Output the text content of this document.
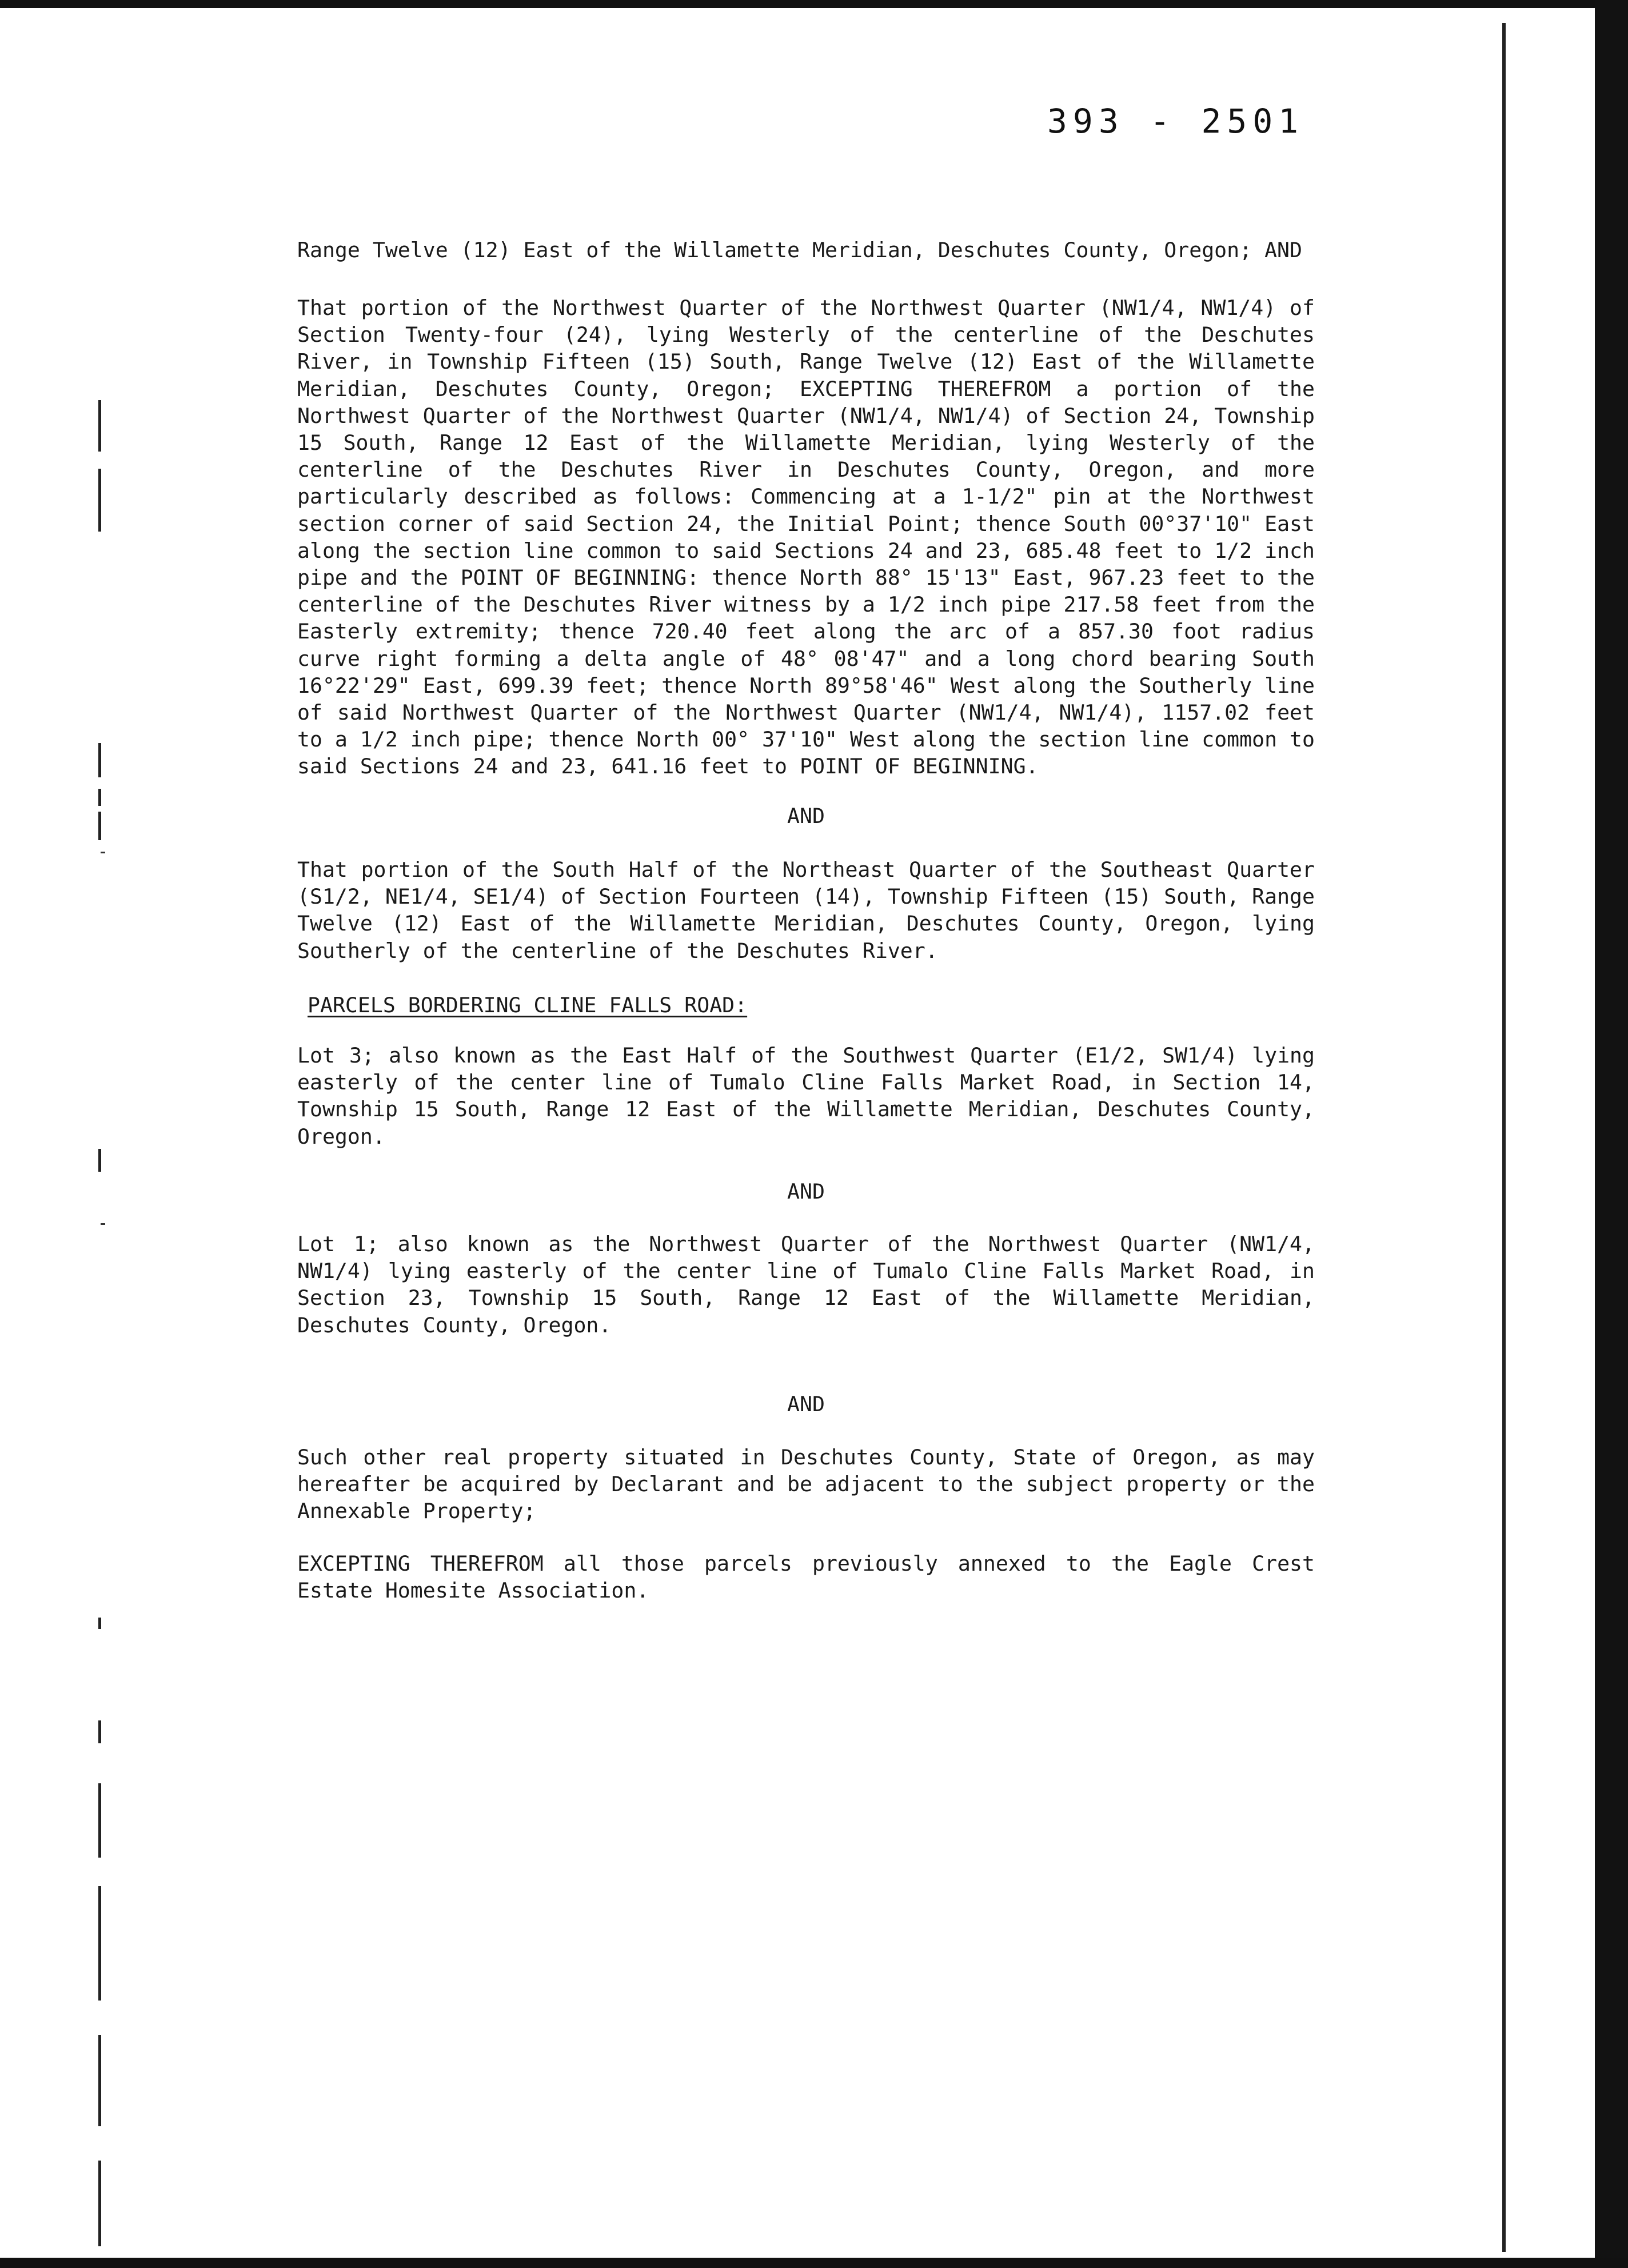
393 - 2501

Range Twelve (12) East of the Willamette Meridian, Deschutes County, Oregon; AND

That portion of the Northwest Quarter of the Northwest Quarter (NW1/4, NW1/4) of Section Twenty-four (24), lying Westerly of the centerline of the Deschutes River, in Township Fifteen (15) South, Range Twelve (12) East of the Willamette Meridian, Deschutes County, Oregon; EXCEPTING THEREFROM a portion of the Northwest Quarter of the Northwest Quarter (NW1/4, NW1/4) of Section 24, Township 15 South, Range 12 East of the Willamette Meridian, lying Westerly of the centerline of the Deschutes River in Deschutes County, Oregon, and more particularly described as follows: Commencing at a 1-1/2" pin at the Northwest section corner of said Section 24, the Initial Point; thence South 00°37'10" East along the section line common to said Sections 24 and 23, 685.48 feet to 1/2 inch pipe and the POINT OF BEGINNING: thence North 88° 15'13" East, 967.23 feet to the centerline of the Deschutes River witness by a 1/2 inch pipe 217.58 feet from the Easterly extremity; thence 720.40 feet along the arc of a 857.30 foot radius curve right forming a delta angle of 48° 08'47" and a long chord bearing South 16°22'29" East, 699.39 feet; thence North 89°58'46" West along the Southerly line of said Northwest Quarter of the Northwest Quarter (NW1/4, NW1/4), 1157.02 feet to a 1/2 inch pipe; thence North 00° 37'10" West along the section line common to said Sections 24 and 23, 641.16 feet to POINT OF BEGINNING.

AND

That portion of the South Half of the Northeast Quarter of the Southeast Quarter (S1/2, NE1/4, SE1/4) of Section Fourteen (14), Township Fifteen (15) South, Range Twelve (12) East of the Willamette Meridian, Deschutes County, Oregon, lying Southerly of the centerline of the Deschutes River.

PARCELS BORDERING CLINE FALLS ROAD:

Lot 3; also known as the East Half of the Southwest Quarter (E1/2, SW1/4) lying easterly of the center line of Tumalo Cline Falls Market Road, in Section 14, Township 15 South, Range 12 East of the Willamette Meridian, Deschutes County, Oregon.

AND

Lot 1; also known as the Northwest Quarter of the Northwest Quarter (NW1/4, NW1/4) lying easterly of the center line of Tumalo Cline Falls Market Road, in Section 23, Township 15 South, Range 12 East of the Willamette Meridian, Deschutes County, Oregon.

AND

Such other real property situated in Deschutes County, State of Oregon, as may hereafter be acquired by Declarant and be adjacent to the subject property or the Annexable Property;

EXCEPTING THEREFROM all those parcels previously annexed to the Eagle Crest Estate Homesite Association.
